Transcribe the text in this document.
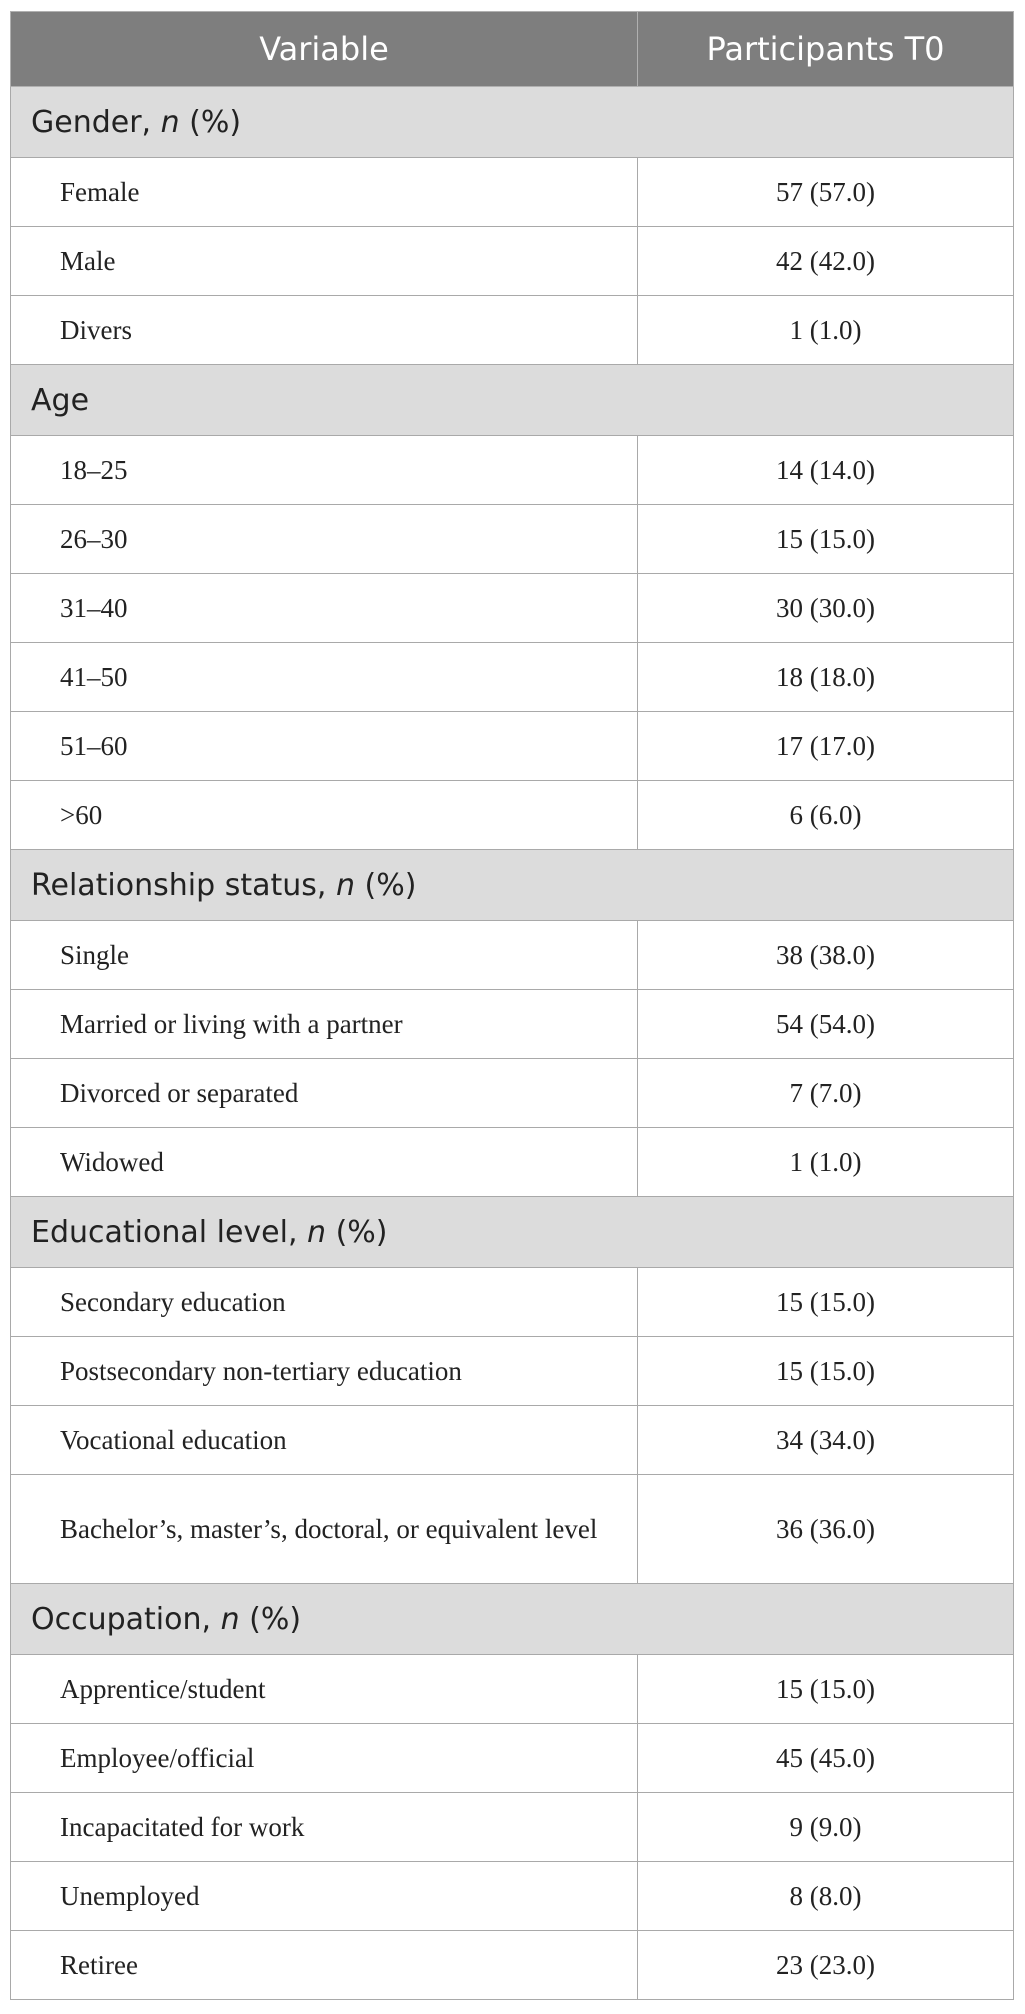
Variable	Participants T0
Gender, n (%)	
Female	57 (57.0)
Male	42 (42.0)
Divers	1 (1.0)
Age	
18–25	14 (14.0)
26–30	15 (15.0)
31–40	30 (30.0)
41–50	18 (18.0)
51–60	17 (17.0)
>60	6 (6.0)
Relationship status, n (%)	
Single	38 (38.0)
Married or living with a partner	54 (54.0)
Divorced or separated	7 (7.0)
Widowed	1 (1.0)
Educational level, n (%)	
Secondary education	15 (15.0)
Postsecondary non-tertiary education	15 (15.0)
Vocational education	34 (34.0)
Bachelor’s, master’s, doctoral, or equivalent level	36 (36.0)
Occupation, n (%)	
Apprentice/student	15 (15.0)
Employee/official	45 (45.0)
Incapacitated for work	9 (9.0)
Unemployed	8 (8.0)
Retiree	23 (23.0)
